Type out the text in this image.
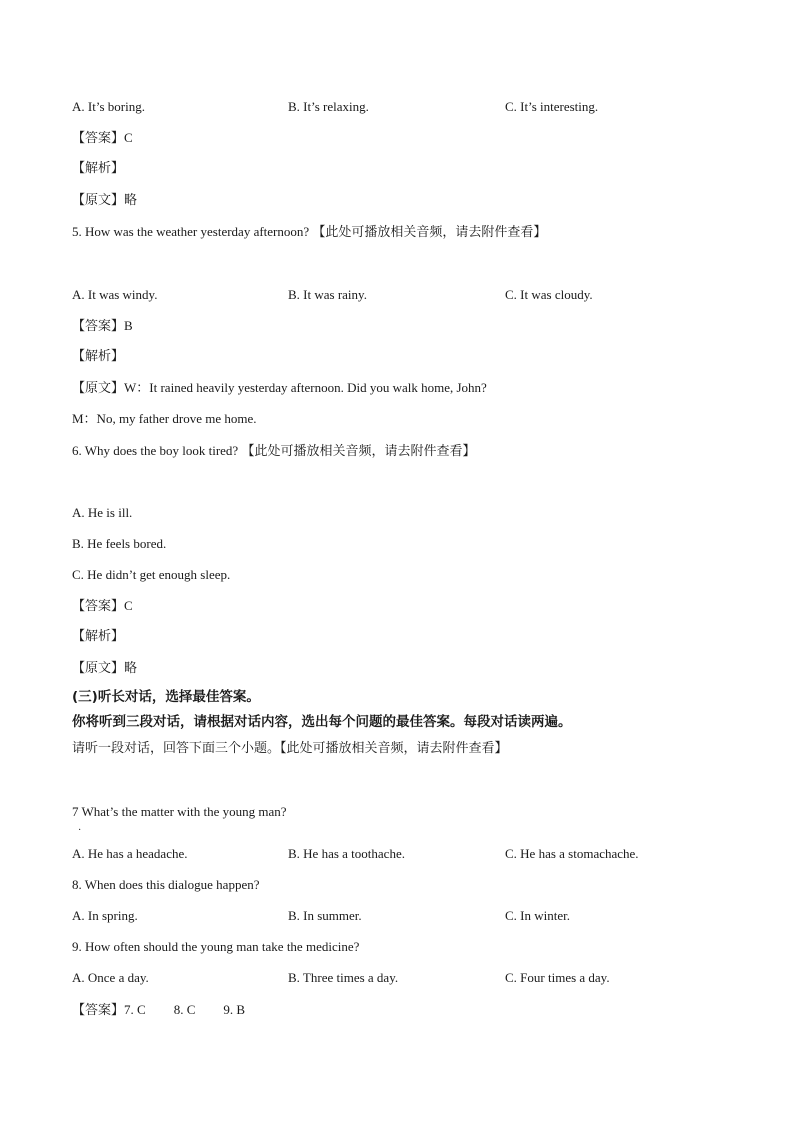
A. It’s boring.	B. It’s relaxing.	C. It’s interesting.
【答案】C
【解析】
【原文】略
5. How was the weather yesterday afternoon? 【此处可播放相关音频，请去附件查看】
A. It was windy.	B. It was rainy.	C. It was cloudy.
【答案】B
【解析】
【原文】W：It rained heavily yesterday afternoon. Did you walk home, John?
M：No, my father drove me home.
6. Why does the boy look tired? 【此处可播放相关音频，请去附件查看】
A. He is ill.
B. He feels bored.
C. He didn’t get enough sleep.
【答案】C
【解析】
【原文】略
(三)听长对话，选择最佳答案。
你将听到三段对话，请根据对话内容，选出每个问题的最佳答案。每段对话读两遍。
请听一段对话，回答下面三个小题。【此处可播放相关音频，请去附件查看】
7 What’s the matter with the young man?
·
A. He has a headache.	B. He has a toothache.	C. He has a stomachache.
8. When does this dialogue happen?
A. In spring.	B. In summer.	C. In winter.
9. How often should the young man take the medicine?
A. Once a day.	B. Three times a day.	C. Four times a day.
【答案】7. C 8. C 9. B
